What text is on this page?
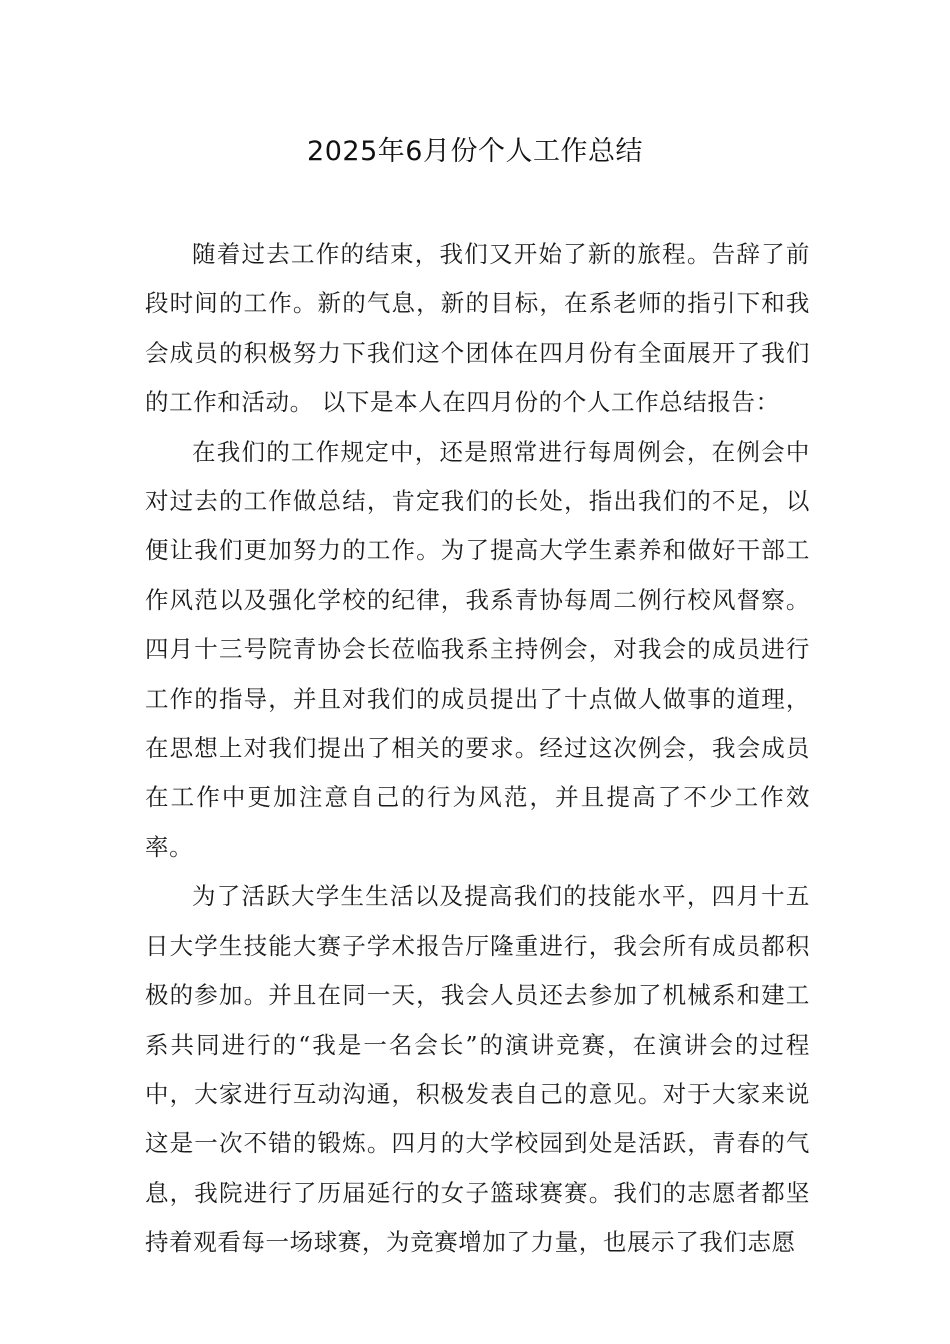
2025年6月份个人工作总结

随着过去工作的结束，我们又开始了新的旅程。告辞了前段时间的工作。新的气息，新的目标，在系老师的指引下和我会成员的积极努力下我们这个团体在四月份有全面展开了我们的工作和活动。 以下是本人在四月份的个人工作总结报告：

在我们的工作规定中，还是照常进行每周例会，在例会中对过去的工作做总结，肯定我们的长处，指出我们的不足，以便让我们更加努力的工作。为了提高大学生素养和做好干部工作风范以及强化学校的纪律，我系青协每周二例行校风督察。四月十三号院青协会长莅临我系主持例会，对我会的成员进行工作的指导，并且对我们的成员提出了十点做人做事的道理，在思想上对我们提出了相关的要求。经过这次例会，我会成员在工作中更加注意自己的行为风范，并且提高了不少工作效率。

为了活跃大学生生活以及提高我们的技能水平，四月十五日大学生技能大赛子学术报告厅隆重进行，我会所有成员都积极的参加。并且在同一天，我会人员还去参加了机械系和建工系共同进行的“我是一名会长”的演讲竞赛，在演讲会的过程中，大家进行互动沟通，积极发表自己的意见。对于大家来说这是一次不错的锻炼。四月的大学校园到处是活跃，青春的气息，我院进行了历届延行的女子篮球赛赛。我们的志愿者都坚持着观看每一场球赛，为竞赛增加了力量，也展示了我们志愿
